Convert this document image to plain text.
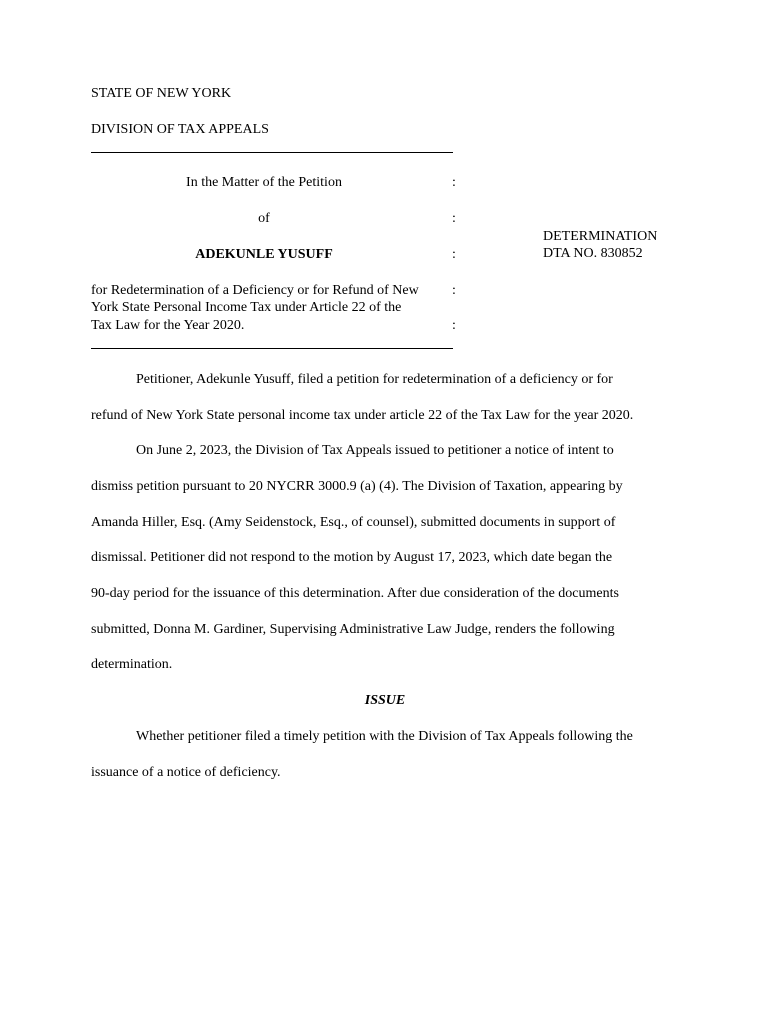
STATE OF NEW YORK
DIVISION OF TAX APPEALS
In the Matter of the Petition	:
of	:
ADEKUNLE YUSUFF	:
DETERMINATION
DTA NO. 830852
for Redetermination of a Deficiency or for Refund of New :
York State Personal Income Tax under Article 22 of the
Tax Law for the Year 2020.	:
Petitioner, Adekunle Yusuff, filed a petition for redetermination of a deficiency or for
refund of New York State personal income tax under article 22 of the Tax Law for the year 2020.
On June 2, 2023, the Division of Tax Appeals issued to petitioner a notice of intent to
dismiss petition pursuant to 20 NYCRR 3000.9 (a) (4). The Division of Taxation, appearing by
Amanda Hiller, Esq. (Amy Seidenstock, Esq., of counsel), submitted documents in support of
dismissal. Petitioner did not respond to the motion by August 17, 2023, which date began the
90-day period for the issuance of this determination. After due consideration of the documents
submitted, Donna M. Gardiner, Supervising Administrative Law Judge, renders the following
determination.
ISSUE
Whether petitioner filed a timely petition with the Division of Tax Appeals following the
issuance of a notice of deficiency.
